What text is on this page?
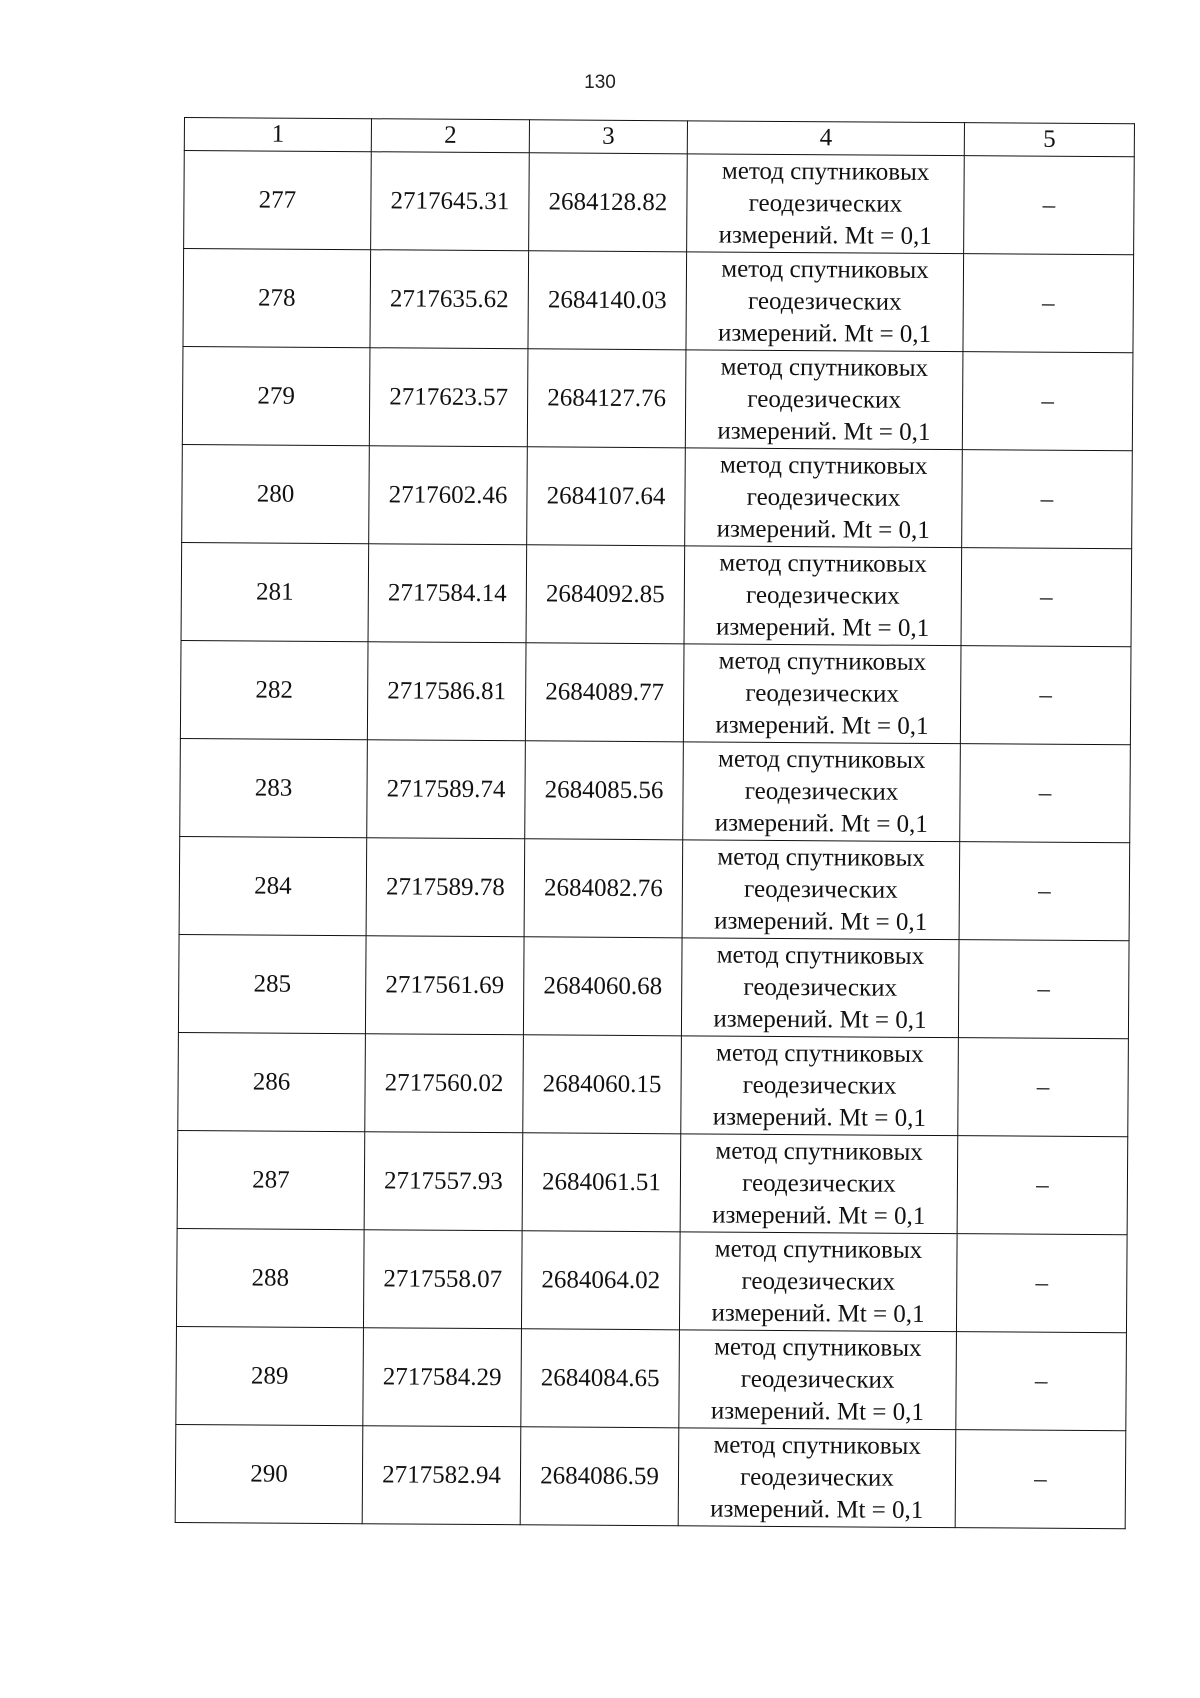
130
1	2	3	4	5
277	2717645.31	2684128.82	метод спутниковых
геодезических
измерений. Mt = 0,1	–
278	2717635.62	2684140.03	метод спутниковых
геодезических
измерений. Mt = 0,1	–
279	2717623.57	2684127.76	метод спутниковых
геодезических
измерений. Mt = 0,1	–
280	2717602.46	2684107.64	метод спутниковых
геодезических
измерений. Mt = 0,1	–
281	2717584.14	2684092.85	метод спутниковых
геодезических
измерений. Mt = 0,1	–
282	2717586.81	2684089.77	метод спутниковых
геодезических
измерений. Mt = 0,1	–
283	2717589.74	2684085.56	метод спутниковых
геодезических
измерений. Mt = 0,1	–
284	2717589.78	2684082.76	метод спутниковых
геодезических
измерений. Mt = 0,1	–
285	2717561.69	2684060.68	метод спутниковых
геодезических
измерений. Mt = 0,1	–
286	2717560.02	2684060.15	метод спутниковых
геодезических
измерений. Mt = 0,1	–
287	2717557.93	2684061.51	метод спутниковых
геодезических
измерений. Mt = 0,1	–
288	2717558.07	2684064.02	метод спутниковых
геодезических
измерений. Mt = 0,1	–
289	2717584.29	2684084.65	метод спутниковых
геодезических
измерений. Mt = 0,1	–
290	2717582.94	2684086.59	метод спутниковых
геодезических
измерений. Mt = 0,1	–
